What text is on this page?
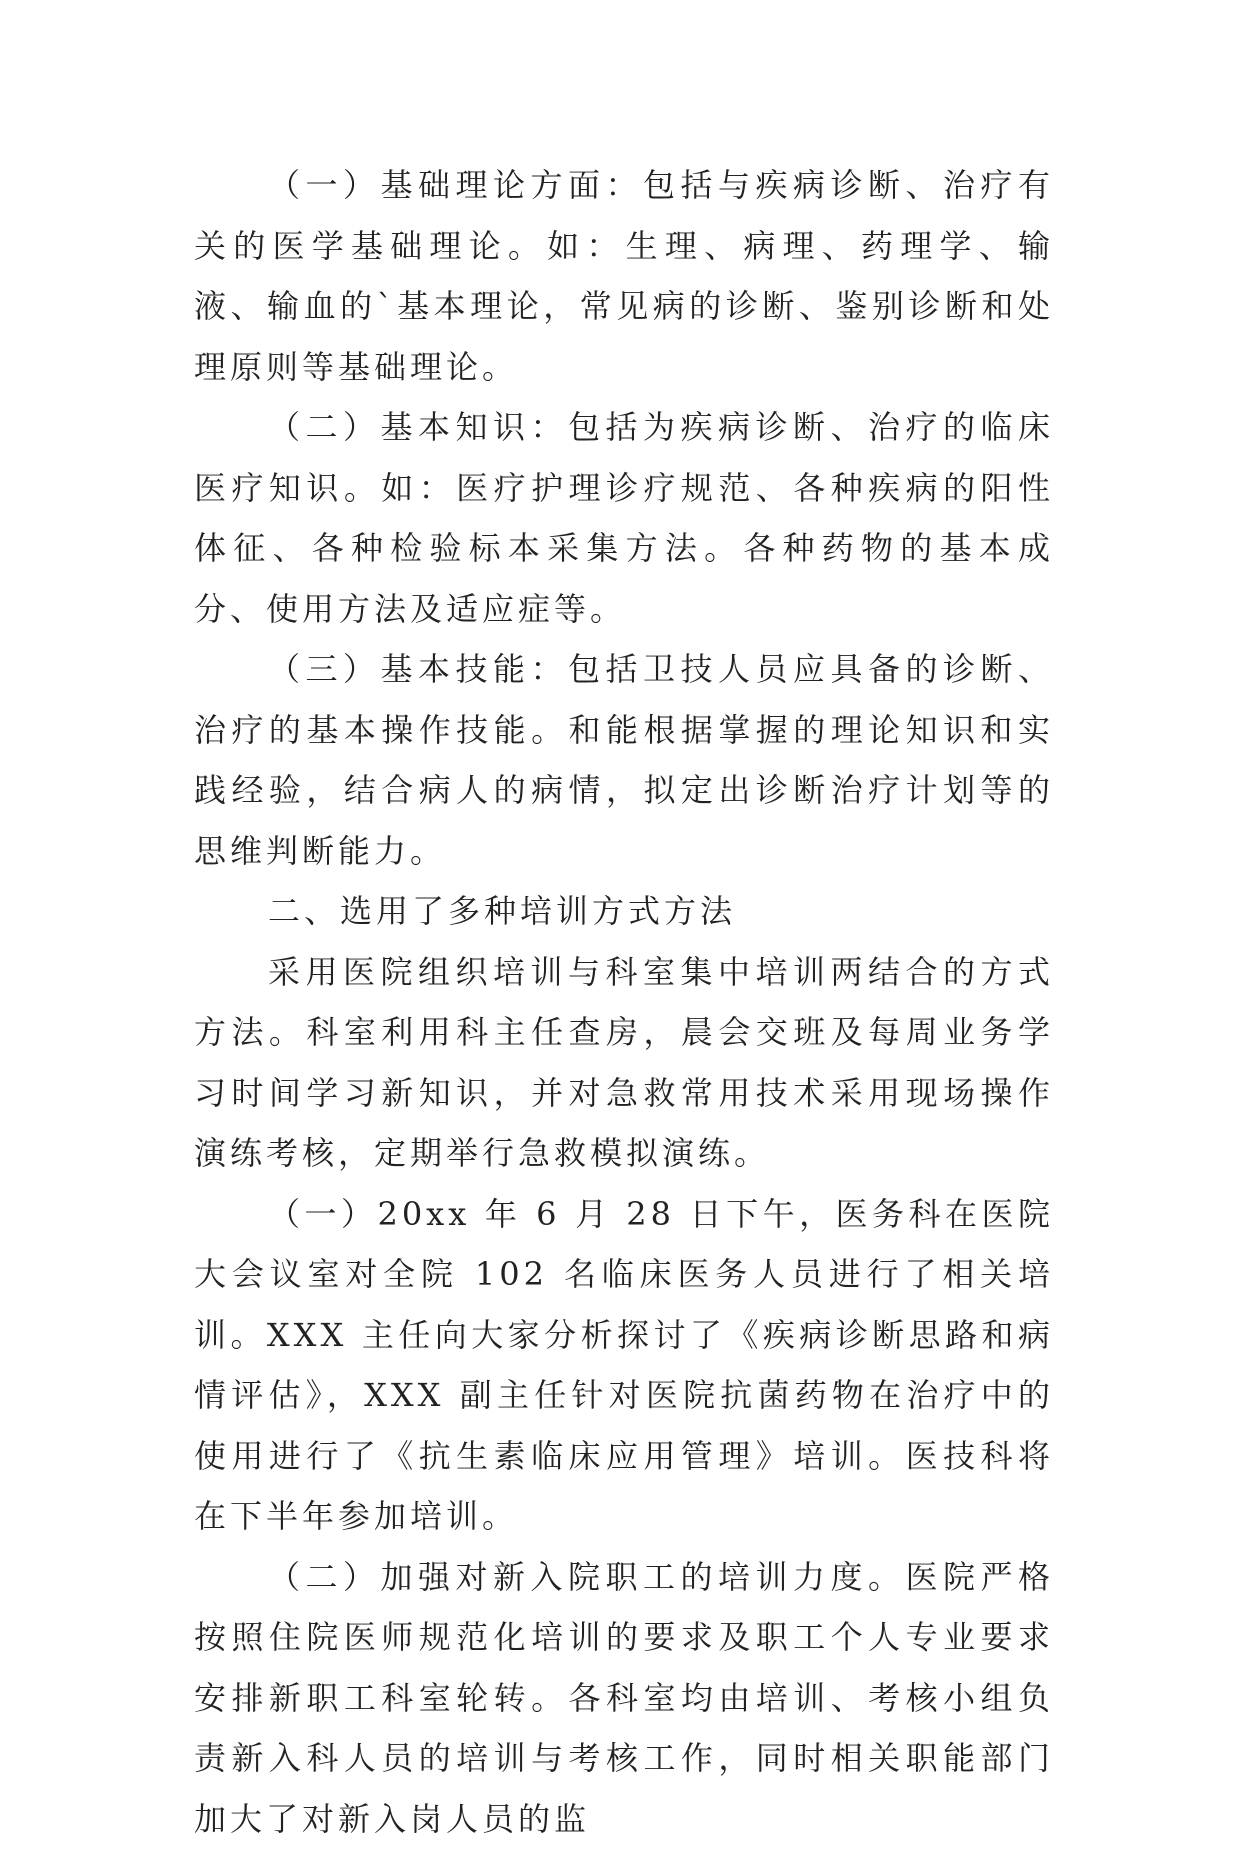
（一）基础理论方面：包括与疾病诊断、治疗有关的医学基础理论。如：生理、病理、药理学、输液、输血的`基本理论，常见病的诊断、鉴别诊断和处理原则等基础理论。

（二）基本知识：包括为疾病诊断、治疗的临床医疗知识。如：医疗护理诊疗规范、各种疾病的阳性体征、各种检验标本采集方法。各种药物的基本成分、使用方法及适应症等。

（三）基本技能：包括卫技人员应具备的诊断、治疗的基本操作技能。和能根据掌握的理论知识和实践经验，结合病人的病情，拟定出诊断治疗计划等的思维判断能力。

二、选用了多种培训方式方法

采用医院组织培训与科室集中培训两结合的方式方法。科室利用科主任查房，晨会交班及每周业务学习时间学习新知识，并对急救常用技术采用现场操作演练考核，定期举行急救模拟演练。

（一）20xx 年 6 月 28 日下午，医务科在医院大会议室对全院 102 名临床医务人员进行了相关培训。XXX 主任向大家分析探讨了《疾病诊断思路和病情评估》，XXX 副主任针对医院抗菌药物在治疗中的使用进行了《抗生素临床应用管理》培训。医技科将在下半年参加培训。

（二）加强对新入院职工的培训力度。医院严格按照住院医师规范化培训的要求及职工个人专业要求安排新职工科室轮转。各科室均由培训、考核小组负责新入科人员的培训与考核工作，同时相关职能部门加大了对新入岗人员的监
